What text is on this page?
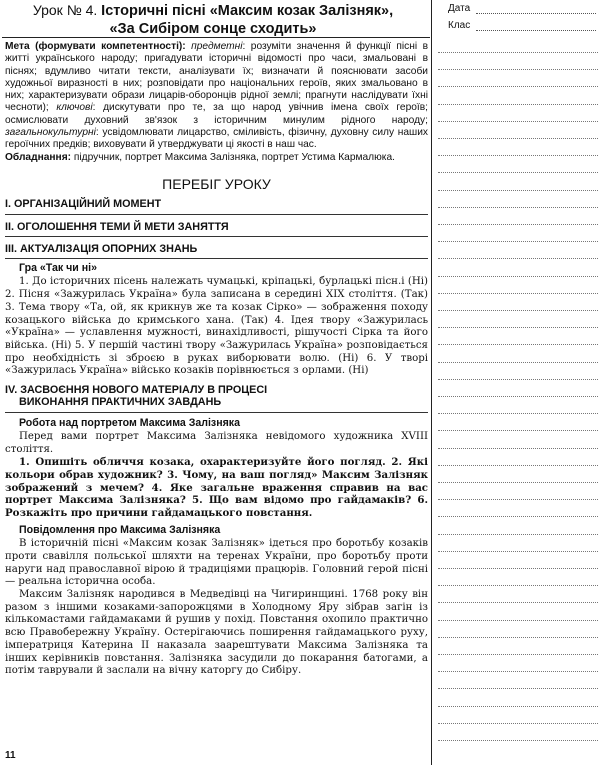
Урок № 4. Історичні пісні «Максим козак Залізняк»,
«За Сибіром сонце сходить»
Дата
Клас

Мета (формувати компетентності): предметні: розуміти значення й функції пісні в житті українського народу; пригадувати історичні відомості про часи, змальовані в піснях; вдумливо читати тексти, аналізувати їх; визначати й пояснювати засоби художньої виразності в них; розповідати про національних героїв, яких змальовано в них; характеризувати образи лицарів-оборонців рідної землі; прагнути наслідувати їхні чесноти); ключові: дискутувати про те, за що народ увічнив імена своїх героїв; осмислювати духовний зв'язок з історичним минулим рідного народу; загальнокультурні: усвідомлювати лицарство, сміливість, фізичну, духовну силу наших героїчних предків; виховувати й утверджувати ці якості в наш час.

Обладнання: підручник, портрет Максима Залізняка, портрет Устима Кармалюка.

ПЕРЕБІГ УРОКУ
І. ОРГАНІЗАЦІЙНИЙ МОМЕНТ
ІІ. ОГОЛОШЕННЯ ТЕМИ Й МЕТИ ЗАНЯТТЯ
ІІІ. АКТУАЛІЗАЦІЯ ОПОРНИХ ЗНАНЬ
Гра «Так чи ні»

1. До історичних пісень належать чумацькі, кріпацькі, бурлацькі пісн.і (Ні) 2. Пісня «Зажурилась Україна» була записана в середині XIX століття. (Так) 3. Тема твору «Та, ой, як крикнув же та козак Сірко» — зображення походу козацького війська до кримського хана. (Так) 4. Ідея твору «Зажурилась «Україна» — уславлення мужності, винахідливості, рішучості Сірка та його війська. (Ні) 5. У першій частині твору «Зажурилась Україна» розповідається про необхідність зі зброєю в руках виборювати волю. (Ні) 6. У творі «Зажурилась Україна» військо козаків порівнюється з орлами. (Ні)

IV. ЗАСВОЄННЯ НОВОГО МАТЕРІАЛУ В ПРОЦЕСІ
ВИКОНАННЯ ПРАКТИЧНИХ ЗАВДАНЬ
Робота над портретом Максима Залізняка

Перед вами портрет Максима Залізняка невідомого художника XVIII століття.

1. Опишіть обличчя козака, охарактеризуйте його погляд. 2. Які кольори обрав художник? 3. Чому, на ваш погляд» Максим Залізняк зображений з мечем? 4. Яке загальне враження справив на вас портрет Максима Залізняка? 5. Що вам відомо про гайдамаків? 6. Розкажіть про причини гайдамацького повстання.

Повідомлення про Максима Залізняка

В історичній пісні «Максим козак Залізняк» ідеться про боротьбу козаків проти свавілля польської шляхти на теренах України, про боротьбу проти наруги над православної вірою й традиціями працюрів. Головний герой пісні — реальна історична особа.

Максим Залізняк народився в Медведівці на Чигиринщині. 1768 року він разом з іншими козаками-запорожцями в Холодному Яру зібрав загін із кількомастами гайдамаками й рушив у похід. Повстання охопило практично всю Правобережну Україну. Остерігаючись поширення гайдамацького руху, імператриця Катерина II наказала заарештувати Максима Залізняка та інших керівників повстання. Залізняка засудили до покарання батогами, а потім таврували й заслали на вічну каторгу до Сибіру.

11
